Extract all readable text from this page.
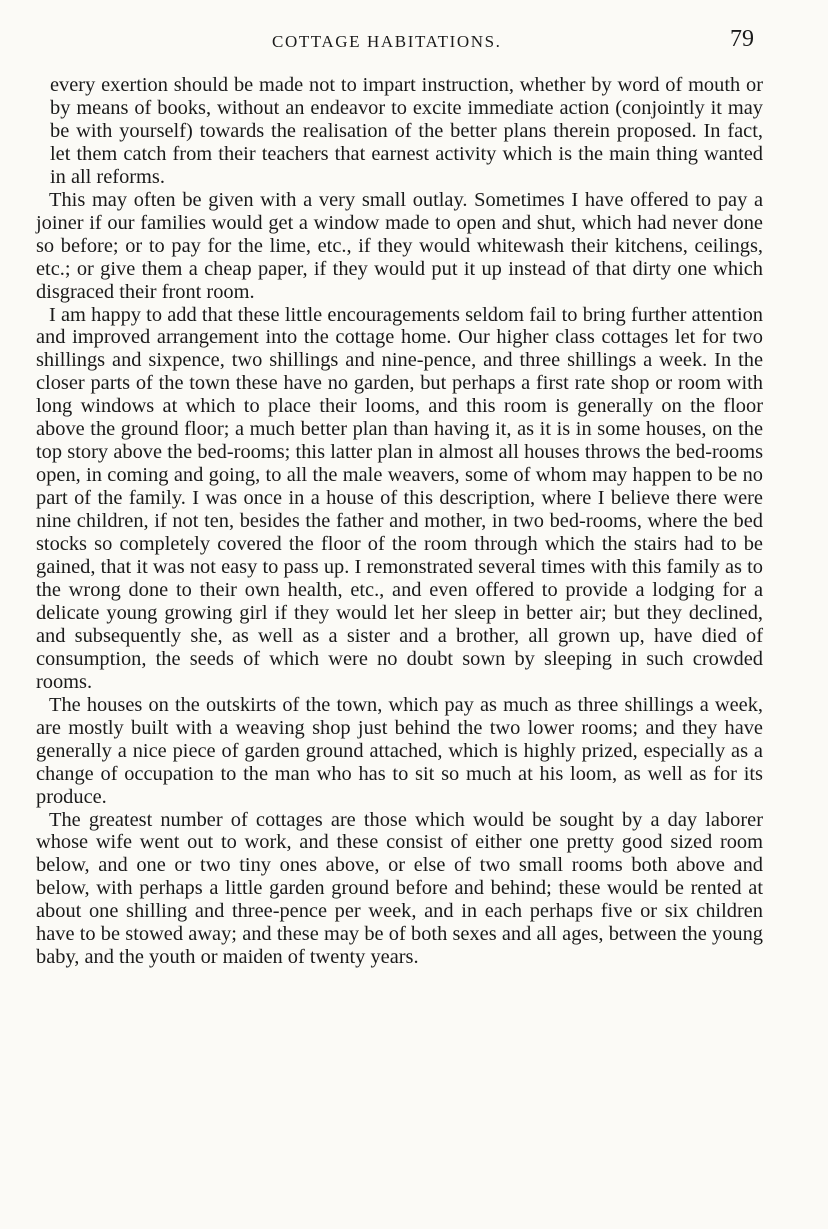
COTTAGE HABITATIONS.	79

every exertion should be made not to impart instruction, whether by word of mouth or by means of books, without an endeavor to excite immediate action (conjointly it may be with yourself) towards the realisation of the better plans therein proposed. In fact, let them catch from their teachers that earnest activity which is the main thing wanted in all reforms.

This may often be given with a very small outlay. Sometimes I have offered to pay a joiner if our families would get a window made to open and shut, which had never done so before; or to pay for the lime, etc., if they would whitewash their kitchens, ceilings, etc.; or give them a cheap paper, if they would put it up instead of that dirty one which disgraced their front room.

I am happy to add that these little encouragements seldom fail to bring further attention and improved arrangement into the cottage home. Our higher class cottages let for two shillings and sixpence, two shillings and nine-pence, and three shillings a week. In the closer parts of the town these have no garden, but perhaps a first rate shop or room with long windows at which to place their looms, and this room is generally on the floor above the ground floor; a much better plan than having it, as it is in some houses, on the top story above the bed-rooms; this latter plan in almost all houses throws the bed-rooms open, in coming and going, to all the male weavers, some of whom may happen to be no part of the family. I was once in a house of this description, where I believe there were nine children, if not ten, besides the father and mother, in two bed-rooms, where the bed stocks so completely covered the floor of the room through which the stairs had to be gained, that it was not easy to pass up. I remonstrated several times with this family as to the wrong done to their own health, etc., and even offered to provide a lodging for a delicate young growing girl if they would let her sleep in better air; but they declined, and subsequently she, as well as a sister and a brother, all grown up, have died of consumption, the seeds of which were no doubt sown by sleeping in such crowded rooms.

The houses on the outskirts of the town, which pay as much as three shillings a week, are mostly built with a weaving shop just behind the two lower rooms; and they have generally a nice piece of garden ground attached, which is highly prized, especially as a change of occupation to the man who has to sit so much at his loom, as well as for its produce.

The greatest number of cottages are those which would be sought by a day laborer whose wife went out to work, and these consist of either one pretty good sized room below, and one or two tiny ones above, or else of two small rooms both above and below, with perhaps a little garden ground before and behind; these would be rented at about one shilling and three-pence per week, and in each perhaps five or six children have to be stowed away; and these may be of both sexes and all ages, between the young baby, and the youth or maiden of twenty years.
